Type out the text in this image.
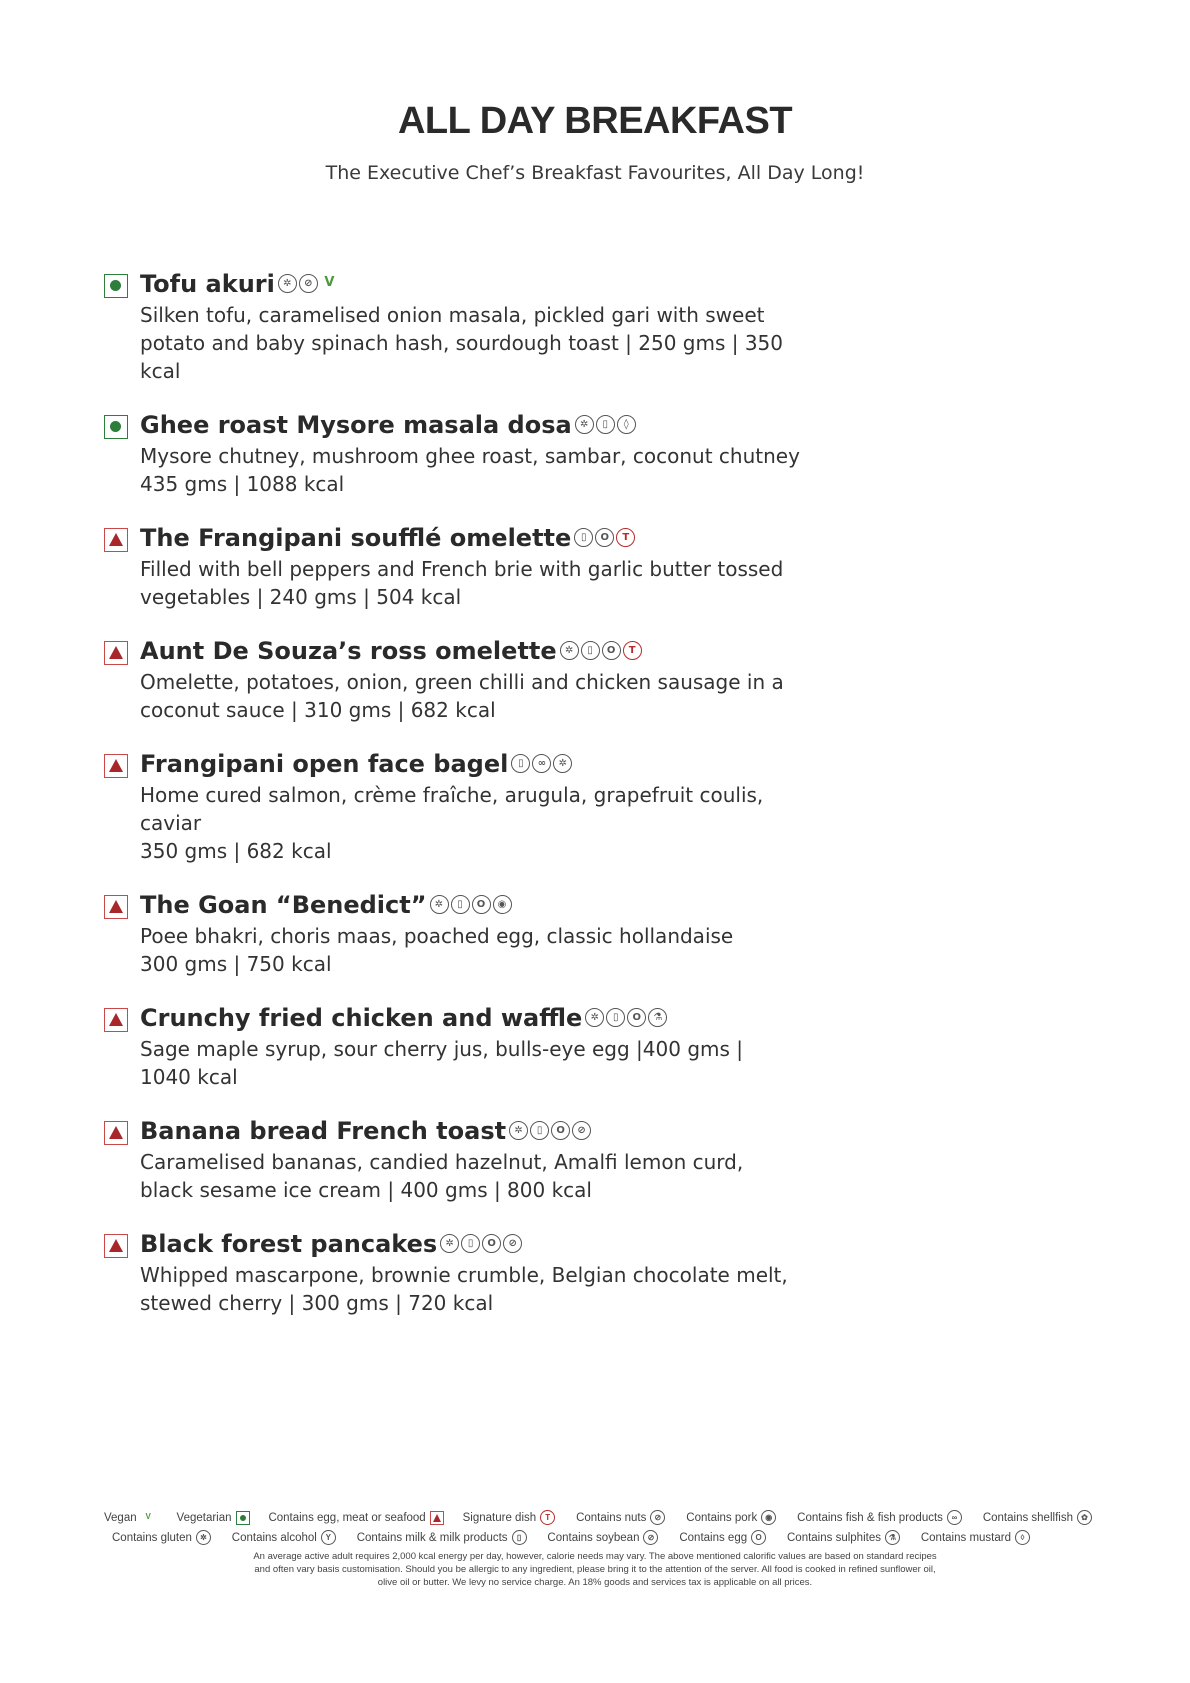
ALL DAY BREAKFAST
The Executive Chef’s Breakfast Favourites, All Day Long!
Tofu akuri ✲ ⊘ V
Silken tofu, caramelised onion masala, pickled gari with sweet potato and baby spinach hash, sourdough toast | 250 gms | 350 kcal
Ghee roast Mysore masala dosa ✲ ▯ ◊
Mysore chutney, mushroom ghee roast, sambar, coconut chutney
435 gms | 1088 kcal
The Frangipani soufflé omelette ▯ O T
Filled with bell peppers and French brie with garlic butter tossed vegetables | 240 gms | 504 kcal
Aunt De Souza’s ross omelette ✲ ▯ O T
Omelette, potatoes, onion, green chilli and chicken sausage in a coconut sauce | 310 gms | 682 kcal
Frangipani open face bagel ▯ ∞ ✲
Home cured salmon, crème fraîche, arugula, grapefruit coulis, caviar
350 gms | 682 kcal
The Goan “Benedict” ✲ ▯ O ◉
Poee bhakri, choris maas, poached egg, classic hollandaise
300 gms | 750 kcal
Crunchy fried chicken and waffle ✲ ▯ O ⚗
Sage maple syrup, sour cherry jus, bulls-eye egg |400 gms | 1040 kcal
Banana bread French toast ✲ ▯ O ⊘
Caramelised bananas, candied hazelnut, Amalfi lemon curd,
black sesame ice cream | 400 gms | 800 kcal
Black forest pancakes ✲ ▯ O ⊘
Whipped mascarpone, brownie crumble, Belgian chocolate melt,
stewed cherry | 300 gms | 720 kcal
Vegan	V	Vegetarian	Contains egg, meat or seafood	Signature dish	T	Contains nuts	⊘	Contains pork	◉	Contains fish & fish products	∞	Contains shellfish	✿
Contains gluten	✲	Contains alcohol	Y	Contains milk & milk products	▯	Contains soybean	⊘	Contains egg	O	Contains sulphites ⚗	Contains mustard	◊
An average active adult requires 2,000 kcal energy per day, however, calorie needs may vary. The above mentioned calorific values are based on standard recipes and often vary basis customisation. Should you be allergic to any ingredient, please bring it to the attention of the server. All food is cooked in refined sunflower oil, olive oil or butter. We levy no service charge. An 18% goods and services tax is applicable on all prices.
